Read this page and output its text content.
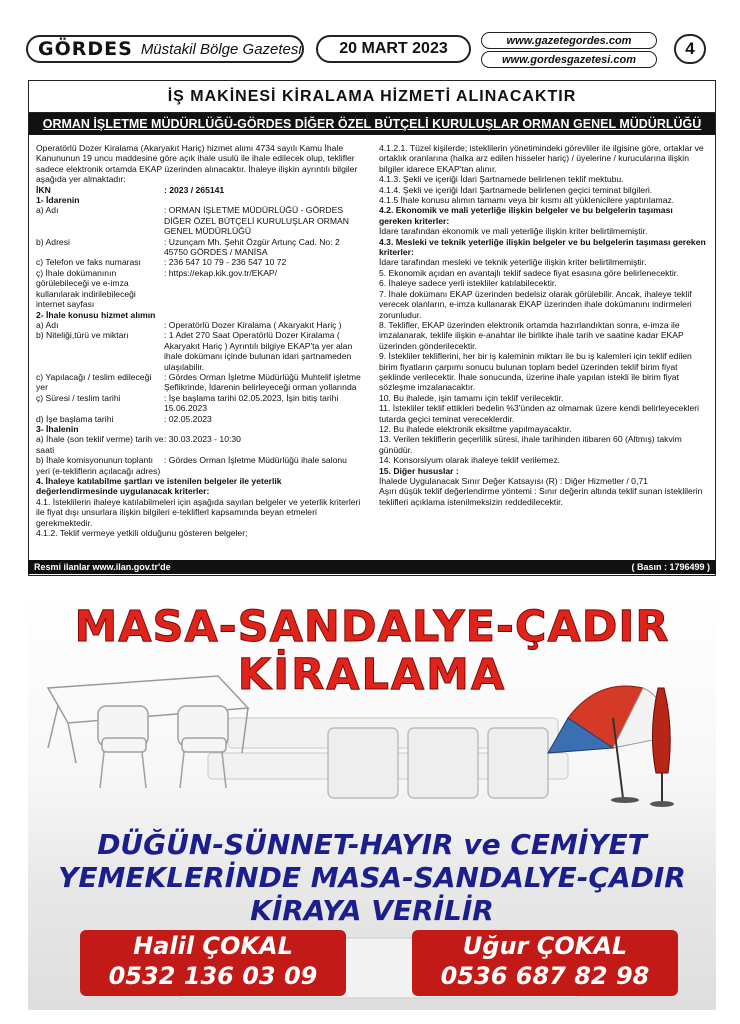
GÖRDES Müstakil Bölge Gazetesi	20 MART 2023	www.gazetegordes.com
www.gordesgazetesi.com
4
İŞ MAKİNESİ KİRALAMA HİZMETİ ALINACAKTIR
ORMAN İŞLETME MÜDÜRLÜĞÜ-GÖRDES DİĞER ÖZEL BÜTÇELİ KURULUŞLAR ORMAN GENEL MÜDÜRLÜĞÜ

Operatörlü Dozer Kiralama (Akaryakıt Hariç) hizmet alımı 4734 sayılı Kamu İhale Kanununun 19 uncu maddesine göre açık ihale usulü ile ihale edilecek olup, teklifler sadece elektronik ortamda EKAP üzerinden alınacaktır. İhaleye ilişkin ayrıntılı bilgiler aşağıda yer almaktadır:

İKN	: 2023 / 265141

1- İdarenin

a) Adı	: ORMAN İŞLETME MÜDÜRLÜĞÜ - GÖRDES DİĞER ÖZEL BÜTÇELİ KURULUŞLAR ORMAN GENEL MÜDÜRLÜĞÜ
b) Adresi	: Uzunçam Mh. Şehit Özgür Artunç Cad. No: 2 45750 GÖRDES / MANİSA
c) Telefon ve faks numarası	: 236 547 10 79 - 236 547 10 72
ç) İhale dokümanının görülebileceği ve e-imza kullanılarak indirilebileceği internet sayfası
: https://ekap.kik.gov.tr/EKAP/

2- İhale konusu hizmet alımın

a) Adı	: Operatörlü Dozer Kiralama ( Akaryakıt Hariç )
b) Niteliği,türü ve miktarı	: 1 Adet 270 Saat Operatörlü Dozer Kiralama ( Akaryakıt Hariç ) Ayrıntılı bilgiye EKAP'ta yer alan ihale dokümanı içinde bulunan idari şartnameden ulaşılabilir.
c) Yapılacağı / teslim edileceği yer
: Gördes Orman İşletme Müdürlüğü Muhtelif işletme Şeflikrinde, İdarenin belirleyeceği orman yollarında
ç) Süresi / teslim tarihi	: İşe başlama tarihi 02.05.2023, İşin bitiş tarihi 15.06.2023
d) İşe başlama tarihi	: 02.05.2023

3- İhalenin

a) İhale (son teklif verme) tarih ve saati
: 30.03.2023 - 10:30
b) İhale komisyonunun toplantı yeri (e-tekliflerin açılacağı adres)
: Gördes Orman İşletme Müdürlüğü ihale salonu

4. İhaleye katılabilme şartları ve istenilen belgeler ile yeterlik değerlendirmesinde uygulanacak kriterler:

4.1. İsteklilerin ihaleye katılabilmeleri için aşağıda sayılan belgeler ve yeterlik kriterleri ile fiyat dışı unsurlara ilişkin bilgileri e-tekliflerl kapsamında beyan etmeleri gerekmektedir.

4.1.2. Teklif vermeye yetkili olduğunu gösteren belgeler;

4.1.2.1. Tüzel kişilerde; isteklilerin yönetimindeki görevliler ile ilgisine göre, ortaklar ve ortaklık oranlarına (halka arz edilen hisseler hariç) / üyelerine / kurucularına ilişkin bilgiler idarece EKAP'tan alınır.

4.1.3. Şekli ve içeriği İdari Şartnamede belirlenen teklif mektubu.

4.1.4. Şekli ve içeriği İdari Şartnamede belirlenen geçici teminat bilgileri.

4.1.5 İhale konusu alımın tamamı veya bir kısmı alt yüklenicilere yaptırılamaz.

4.2. Ekonomik ve mali yeterliğe ilişkin belgeler ve bu belgelerin taşıması gereken kriterler:

İdare tarafından ekonomik ve mali yeterliğe ilişkin kriter belirtilmemiştir.

4.3. Mesleki ve teknik yeterliğe ilişkin belgeler ve bu belgelerin taşıması gereken kriterler:

İdare tarafından mesleki ve teknik yeterliğe ilişkin kriter belirtilmemiştir.

5. Ekonomik açıdan en avantajlı teklif sadece fiyat esasına göre belirlenecektir.

6. İhaleye sadece yerli istekliler katılabilecektir.

7. İhale dokümanı EKAP üzerinden bedelsiz olarak görülebilir. Ancak, ihaleye teklif verecek olanların, e-imza kullanarak EKAP üzerinden ihale dokümanını indirmeleri zorunludur.

8. Teklifler, EKAP üzerinden elektronik ortamda hazırlandıktan sonra, e-imza ile imzalanarak, teklife ilişkin e-anahtar ile birlikte ihale tarih ve saatine kadar EKAP üzerinden gönderilecektir.

9. İstekliler tekliflerini, her bir iş kaleminin miktarı ile bu iş kalemleri için teklif edilen birim fiyatların çarpımı sonucu bulunan toplam bedel üzerinden teklif birim fiyat şeklinde verilecektir. İhale sonucunda, üzerine ihale yapılan istekli ile birim fiyat sözleşme imzalanacaktır.

10. Bu ihalede, işin tamamı için teklif verilecektir.

11. İstekliler teklif ettikleri bedelin %3'ünden az olmamak üzere kendi belirleyecekleri tutarda geçici teminat vereceklerdir.

12. Bu ihalede elektronik eksiltme yapılmayacaktır.

13. Verilen tekliflerin geçerlilik süresi, ihale tarihinden itibaren 60 (Altmış) takvim günüdür.

14. Konsorsiyum olarak ihaleye teklif verilemez.

15. Diğer hususlar :

İhalede Uygulanacak Sınır Değer Katsayısı (R) : Diğer Hizmetler / 0,71

Aşırı düşük teklif değerlendirme yöntemi : Sınır değerin altında teklif sunan isteklilerin teklifleri açıklama istenilmeksizin reddedilecektir.

Resmi ilanlar www.ilan.gov.tr'de	( Basın : 1796499 )
MASA-SANDALYE-ÇADIR
KİRALAMA
DÜĞÜN-SÜNNET-HAYIR ve CEMİYET
YEMEKLERİNDE MASA-SANDALYE-ÇADIR
KİRAYA VERİLİR
Halil ÇOKAL
0532 136 03 09
Uğur ÇOKAL
0536 687 82 98
